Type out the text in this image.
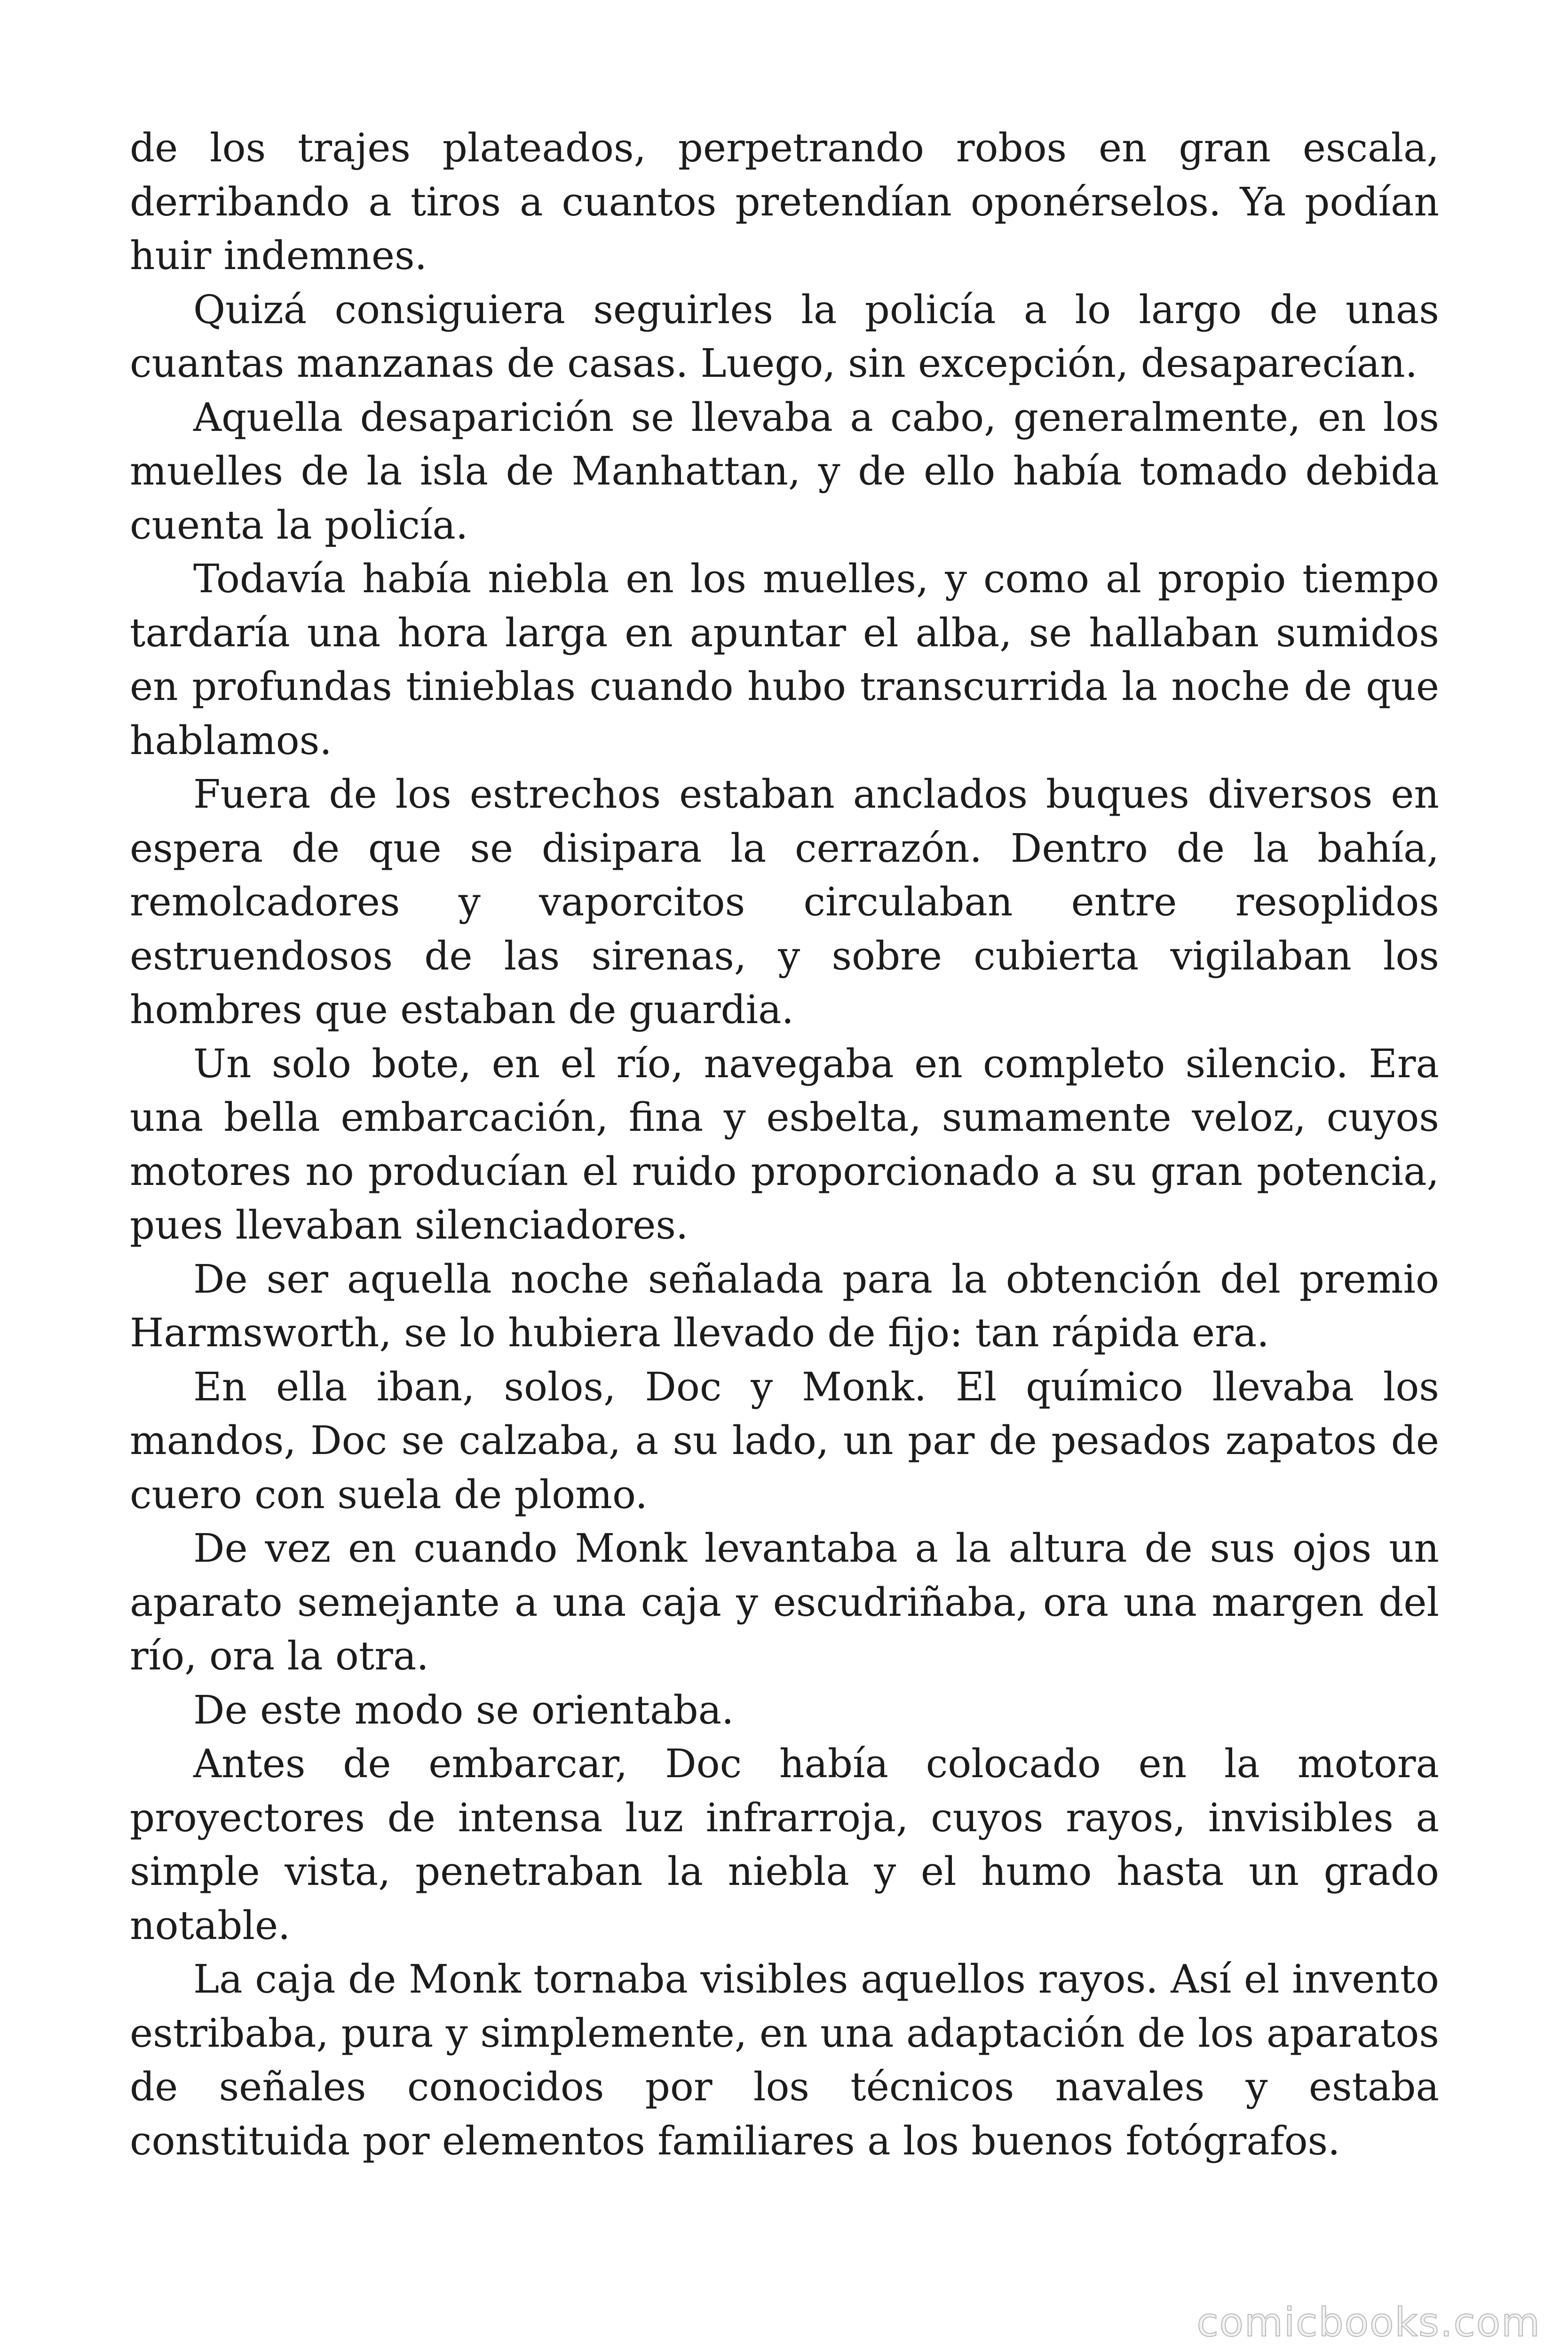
de los trajes plateados, perpetrando robos en gran escala, derribando a tiros a cuantos pretendían oponérselos. Ya podían huir indemnes.

Quizá consiguiera seguirles la policía a lo largo de unas cuantas manzanas de casas. Luego, sin excepción, desaparecían.

Aquella desaparición se llevaba a cabo, generalmente, en los muelles de la isla de Manhattan, y de ello había tomado debida cuenta la policía.

Todavía había niebla en los muelles, y como al propio tiempo tardaría una hora larga en apuntar el alba, se hallaban sumidos en profundas tinieblas cuando hubo transcurrida la noche de que hablamos.

Fuera de los estrechos estaban anclados buques diversos en espera de que se disipara la cerrazón. Dentro de la bahía, remolcadores y vaporcitos circulaban entre resoplidos estruendosos de las sirenas, y sobre cubierta vigilaban los hombres que estaban de guardia.

Un solo bote, en el río, navegaba en completo silencio. Era una bella embarcación, fina y esbelta, sumamente veloz, cuyos motores no producían el ruido proporcionado a su gran potencia, pues llevaban silenciadores.

De ser aquella noche señalada para la obtención del premio Harmsworth, se lo hubiera llevado de fijo: tan rápida era.

En ella iban, solos, Doc y Monk. El químico llevaba los mandos, Doc se calzaba, a su lado, un par de pesados zapatos de cuero con suela de plomo.

De vez en cuando Monk levantaba a la altura de sus ojos un aparato semejante a una caja y escudriñaba, ora una margen del río, ora la otra.

De este modo se orientaba.

Antes de embarcar, Doc había colocado en la motora proyectores de intensa luz infrarroja, cuyos rayos, invisibles a simple vista, penetraban la niebla y el humo hasta un grado notable.

La caja de Monk tornaba visibles aquellos rayos. Así el invento estribaba, pura y simplemente, en una adaptación de los aparatos de señales conocidos por los técnicos navales y estaba constituida por elementos familiares a los buenos fotógrafos.

comicbooks.com
